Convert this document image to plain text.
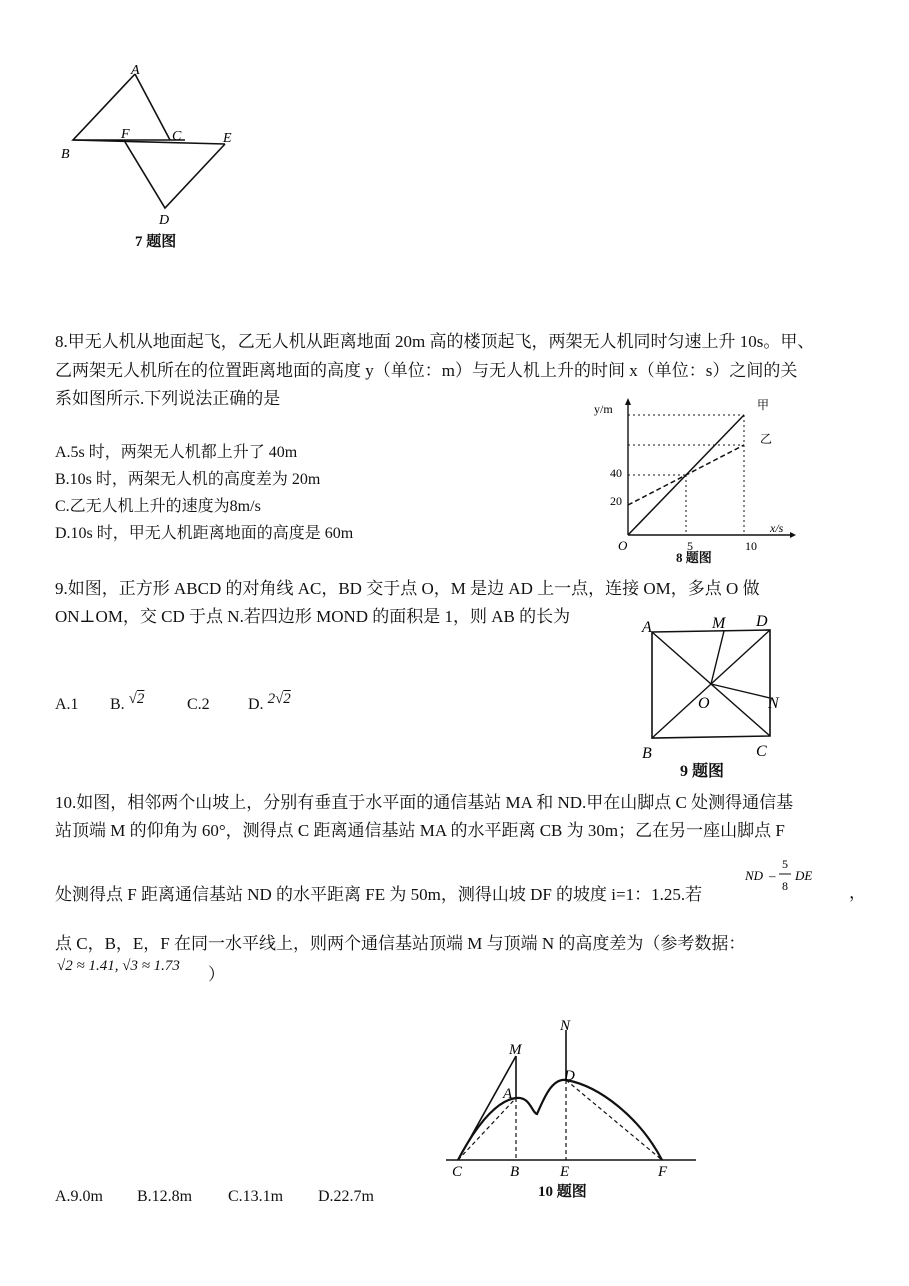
A
B
C	E
F
D
7 题图
8.甲无人机从地面起飞，乙无人机从距离地面 20m 高的楼顶起飞，两架无人机同时匀速上升 10s。甲、
乙两架无人机所在的位置距离地面的高度 y（单位：m）与无人机上升的时间 x（单位：s）之间的关
系如图所示.下列说法正确的是
A.5s 时，两架无人机都上升了 40m
B.10s 时，两架无人机的高度差为 20m
C.乙无人机上升的速度为8m/s
D.10s 时，甲无人机距离地面的高度是 60m
y/m
x/s
O	5	10
20
40
甲
乙
8 题图
9.如图，正方形 ABCD 的对角线 AC，BD 交于点 O，M 是边 AD 上一点，连接 OM，多点 O 做
ON⊥OM，交 CD 于点 N.若四边形 MOND 的面积是 1，则 AB 的长为
A.1 B. √2	C.2 D. 2√2
A	M D
O	N
B	C
9 题图
10.如图，相邻两个山坡上，分别有垂直于水平面的通信基站 MA 和 ND.甲在山脚点 C 处测得通信基
站顶端 M 的仰角为 60°，测得点 C 距离通信基站 MA 的水平距离 CB 为 30m；乙在另一座山脚点 F
处测得点 F 距离通信基站 ND 的水平距离 FE 为 50m，测得山坡 DF 的坡度 i=1：1.25.若
ND –
5
8
DE
，
点 C，B，E，F 在同一水平线上，则两个通信基站顶端 M 与顶端 N 的高度差为（参考数据：
√2 ≈ 1.41, √3 ≈ 1.73 ）
M
N
A
D
C	B	E	F
10 题图
A.9.0m B.12.8m C.13.1m D.22.7m
